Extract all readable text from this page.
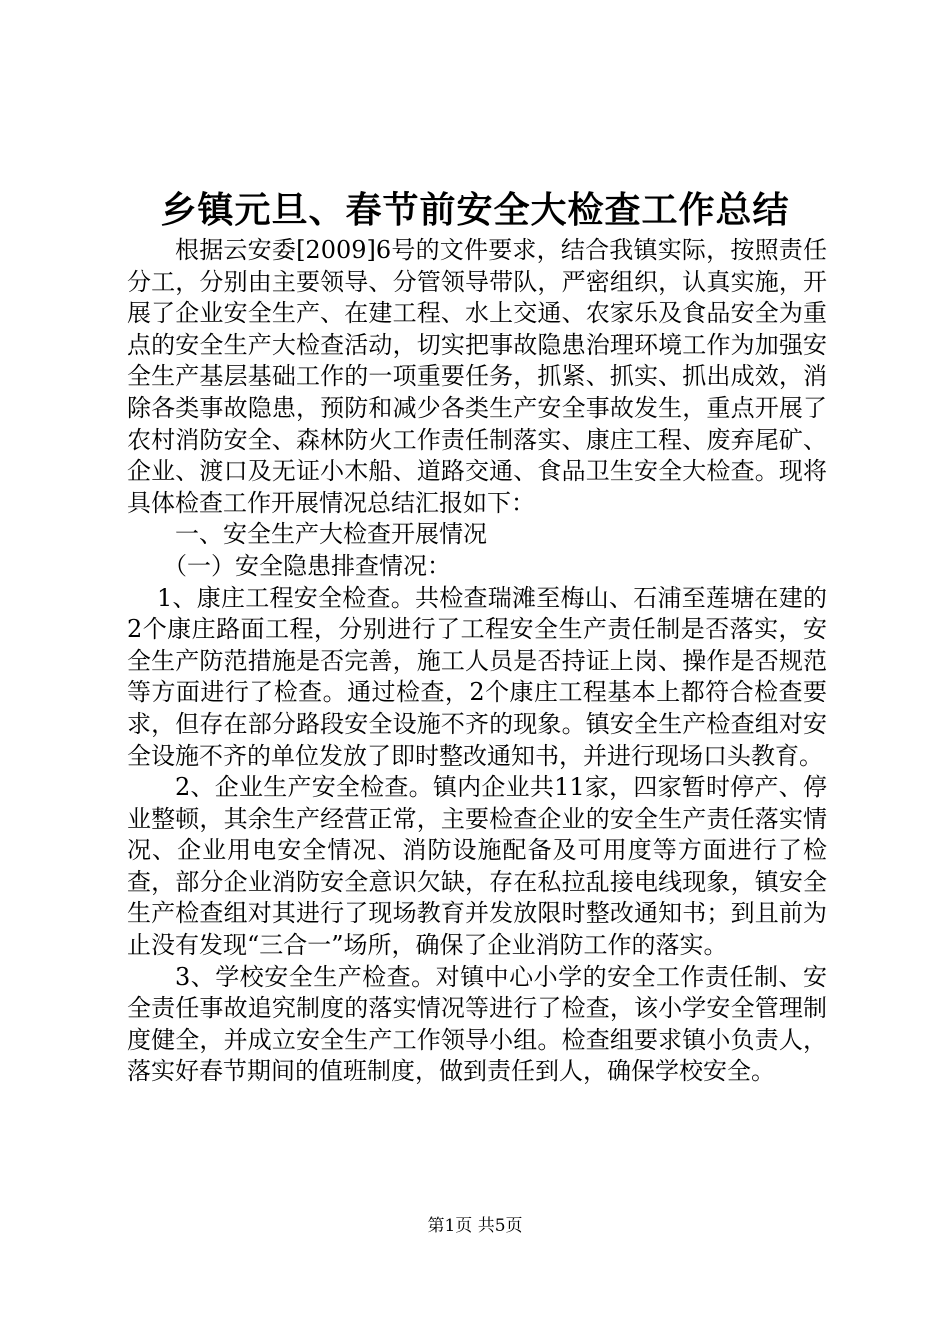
乡镇元旦、春节前安全大检查工作总结

根据云安委[2009]6号的文件要求，结合我镇实际，按照责任分工，分别由主要领导、分管领导带队，严密组织，认真实施，开展了企业安全生产、在建工程、水上交通、农家乐及食品安全为重点的安全生产大检查活动，切实把事故隐患治理环境工作为加强安全生产基层基础工作的一项重要任务，抓紧、抓实、抓出成效，消除各类事故隐患，预防和减少各类生产安全事故发生，重点开展了农村消防安全、森林防火工作责任制落实、康庄工程、废弃尾矿、企业、渡口及无证小木船、道路交通、食品卫生安全大检查。现将具体检查工作开展情况总结汇报如下：

一、安全生产大检查开展情况

（一）安全隐患排查情况：

1、康庄工程安全检查。共检查瑞滩至梅山、石浦至莲塘在建的2个康庄路面工程，分别进行了工程安全生产责任制是否落实，安全生产防范措施是否完善，施工人员是否持证上岗、操作是否规范等方面进行了检查。通过检查，2个康庄工程基本上都符合检查要求，但存在部分路段安全设施不齐的现象。镇安全生产检查组对安全设施不齐的单位发放了即时整改通知书，并进行现场口头教育。

2、企业生产安全检查。镇内企业共11家，四家暂时停产、停业整顿，其余生产经营正常，主要检查企业的安全生产责任落实情况、企业用电安全情况、消防设施配备及可用度等方面进行了检查，部分企业消防安全意识欠缺，存在私拉乱接电线现象，镇安全生产检查组对其进行了现场教育并发放限时整改通知书；到且前为止没有发现“三合一”场所，确保了企业消防工作的落实。

3、学校安全生产检查。对镇中心小学的安全工作责任制、安全责任事故追究制度的落实情况等进行了检查，该小学安全管理制度健全，并成立安全生产工作领导小组。检查组要求镇小负责人，落实好春节期间的值班制度，做到责任到人，确保学校安全。

第1页 共5页
